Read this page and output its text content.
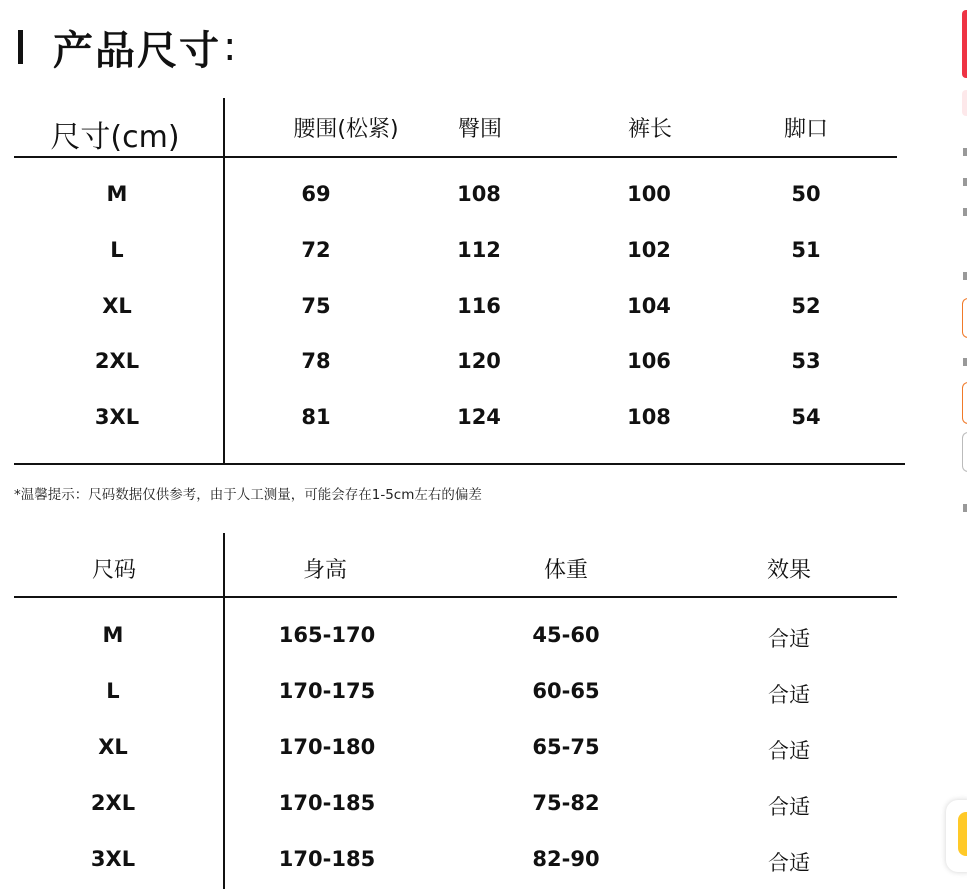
产品尺寸 :
尺寸(cm)	腰围(松紧)	臀围	裤长	脚口
M	69	108	100	50
L	72	112	102	51
XL	75	116	104	52
2XL	78	120	106	53
3XL	81	124	108	54
*温馨提示：尺码数据仅供参考，由于人工测量，可能会存在1-5cm左右的偏差
尺码	身高	体重	效果
M	165-170	45-60	合适
L	170-175	60-65	合适
XL	170-180	65-75	合适
2XL	170-185	75-82	合适
3XL	170-185	82-90	合适
